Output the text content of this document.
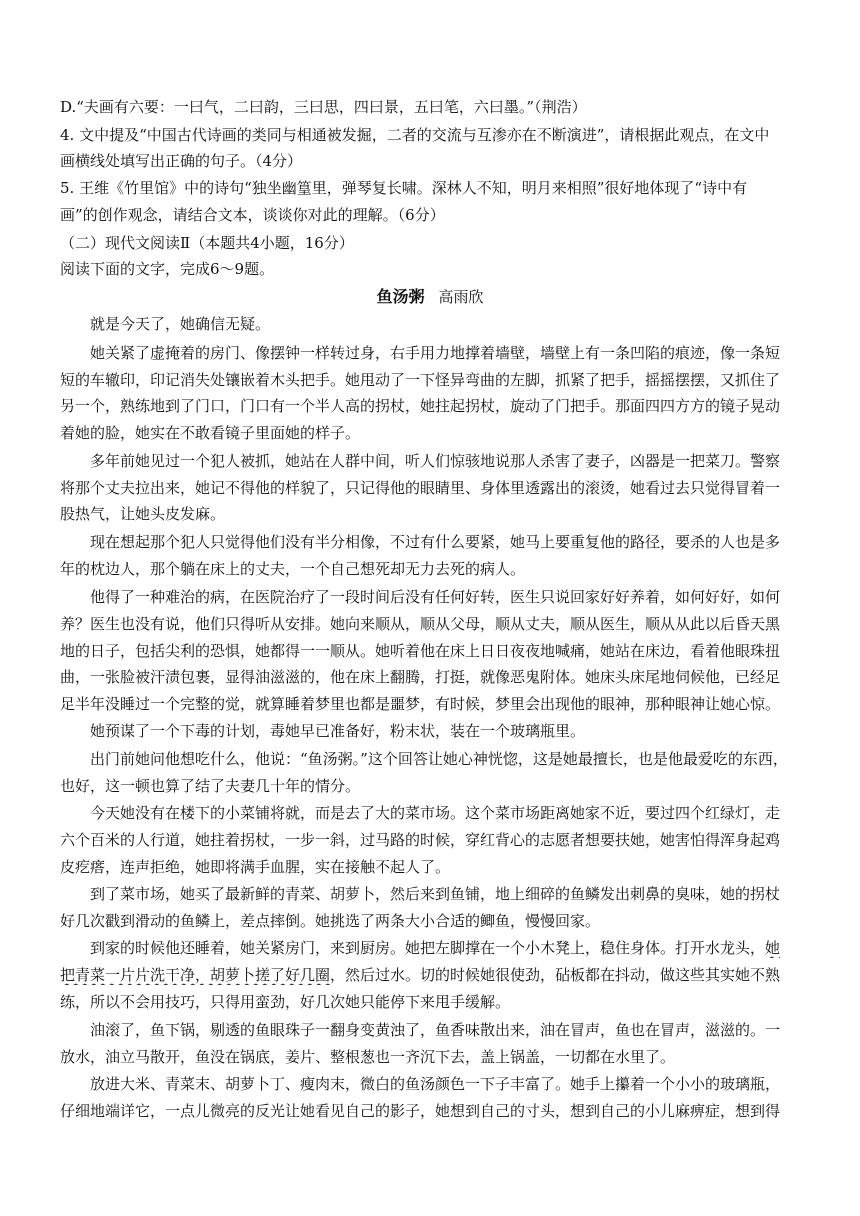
D.“夫画有六要：一曰气，二曰韵，三曰思，四曰景，五曰笔，六曰墨。”（荆浩）
4. 文中提及“中国古代诗画的类同与相通被发掘，二者的交流与互渗亦在不断演进”，请根据此观点，在文中
画横线处填写出正确的句子。（4分）
5. 王维《竹里馆》中的诗句“独坐幽篁里，弹琴复长啸。深林人不知，明月来相照”很好地体现了“诗中有
画”的创作观念，请结合文本，谈谈你对此的理解。（6分）
（二）现代文阅读Ⅱ（本题共4小题，16分）
阅读下面的文字，完成6～9题。
鱼汤粥 高雨欣
就是今天了，她确信无疑。
她关紧了虚掩着的房门、像摆钟一样转过身，右手用力地撑着墙壁，墙壁上有一条凹陷的痕迹，像一条短
短的车辙印，印记消失处镶嵌着木头把手。她甩动了一下怪异弯曲的左脚，抓紧了把手，摇摇摆摆，又抓住了
另一个，熟练地到了门口，门口有一个半人高的拐杖，她拄起拐杖，旋动了门把手。那面四四方方的镜子晃动
着她的脸，她实在不敢看镜子里面她的样子。
多年前她见过一个犯人被抓，她站在人群中间，听人们惊骇地说那人杀害了妻子，凶器是一把菜刀。警察
将那个丈夫拉出来，她记不得他的样貌了，只记得他的眼睛里、身体里透露出的滚烫，她看过去只觉得冒着一
股热气，让她头皮发麻。
现在想起那个犯人只觉得他们没有半分相像，不过有什么要紧，她马上要重复他的路径，要杀的人也是多
年的枕边人，那个躺在床上的丈夫，一个自己想死却无力去死的病人。
他得了一种难治的病，在医院治疗了一段时间后没有任何好转，医生只说回家好好养着，如何好好，如何
养？医生也没有说，他们只得听从安排。她向来顺从，顺从父母，顺从丈夫，顺从医生，顺从从此以后昏天黑
地的日子，包括尖利的恐惧，她都得一一顺从。她听着他在床上日日夜夜地喊痛，她站在床边，看着他眼珠扭
曲，一张脸被汗渍包裹，显得油滋滋的，他在床上翻腾，打挺，就像恶鬼附体。她床头床尾地伺候他，已经足
足半年没睡过一个完整的觉，就算睡着梦里也都是噩梦，有时候，梦里会出现他的眼神，那种眼神让她心惊。
她预谋了一个下毒的计划，毒她早已准备好，粉末状，装在一个玻璃瓶里。
出门前她问他想吃什么，他说：“鱼汤粥。”这个回答让她心神恍惚，这是她最擅长，也是他最爱吃的东西，
也好，这一顿也算了结了夫妻几十年的情分。
今天她没有在楼下的小菜铺将就，而是去了大的菜市场。这个菜市场距离她家不近，要过四个红绿灯，走
六个百米的人行道，她拄着拐杖，一步一斜，过马路的时候，穿红背心的志愿者想要扶她，她害怕得浑身起鸡
皮疙瘩，连声拒绝，她即将满手血腥，实在接触不起人了。
到了菜市场，她买了最新鲜的青菜、胡萝卜，然后来到鱼铺，地上细碎的鱼鳞发出刺鼻的臭味，她的拐杖
好几次戳到滑动的鱼鳞上，差点摔倒。她挑选了两条大小合适的鲫鱼，慢慢回家。
到家的时候他还睡着，她关紧房门，来到厨房。她把左脚撑在一个小木凳上，稳住身体。打开水龙头，她
把青菜一片片洗干净，胡萝卜搓了好几圈，然后过水。切的时候她很使劲，砧板都在抖动，做这些其实她不熟
练，所以不会用技巧，只得用蛮劲，好几次她只能停下来甩手缓解。
油滚了，鱼下锅，剔透的鱼眼珠子一翻身变黄浊了，鱼香味散出来，油在冒声，鱼也在冒声，滋滋的。一
放水，油立马散开，鱼没在锅底，姜片、整根葱也一齐沉下去，盖上锅盖，一切都在水里了。
放进大米、青菜末、胡萝卜丁、瘦肉末，微白的鱼汤颜色一下子丰富了。她手上攥着一个小小的玻璃瓶，
仔细地端详它，一点儿微亮的反光让她看见自己的影子，她想到自己的寸头，想到自己的小儿麻痹症，想到得
